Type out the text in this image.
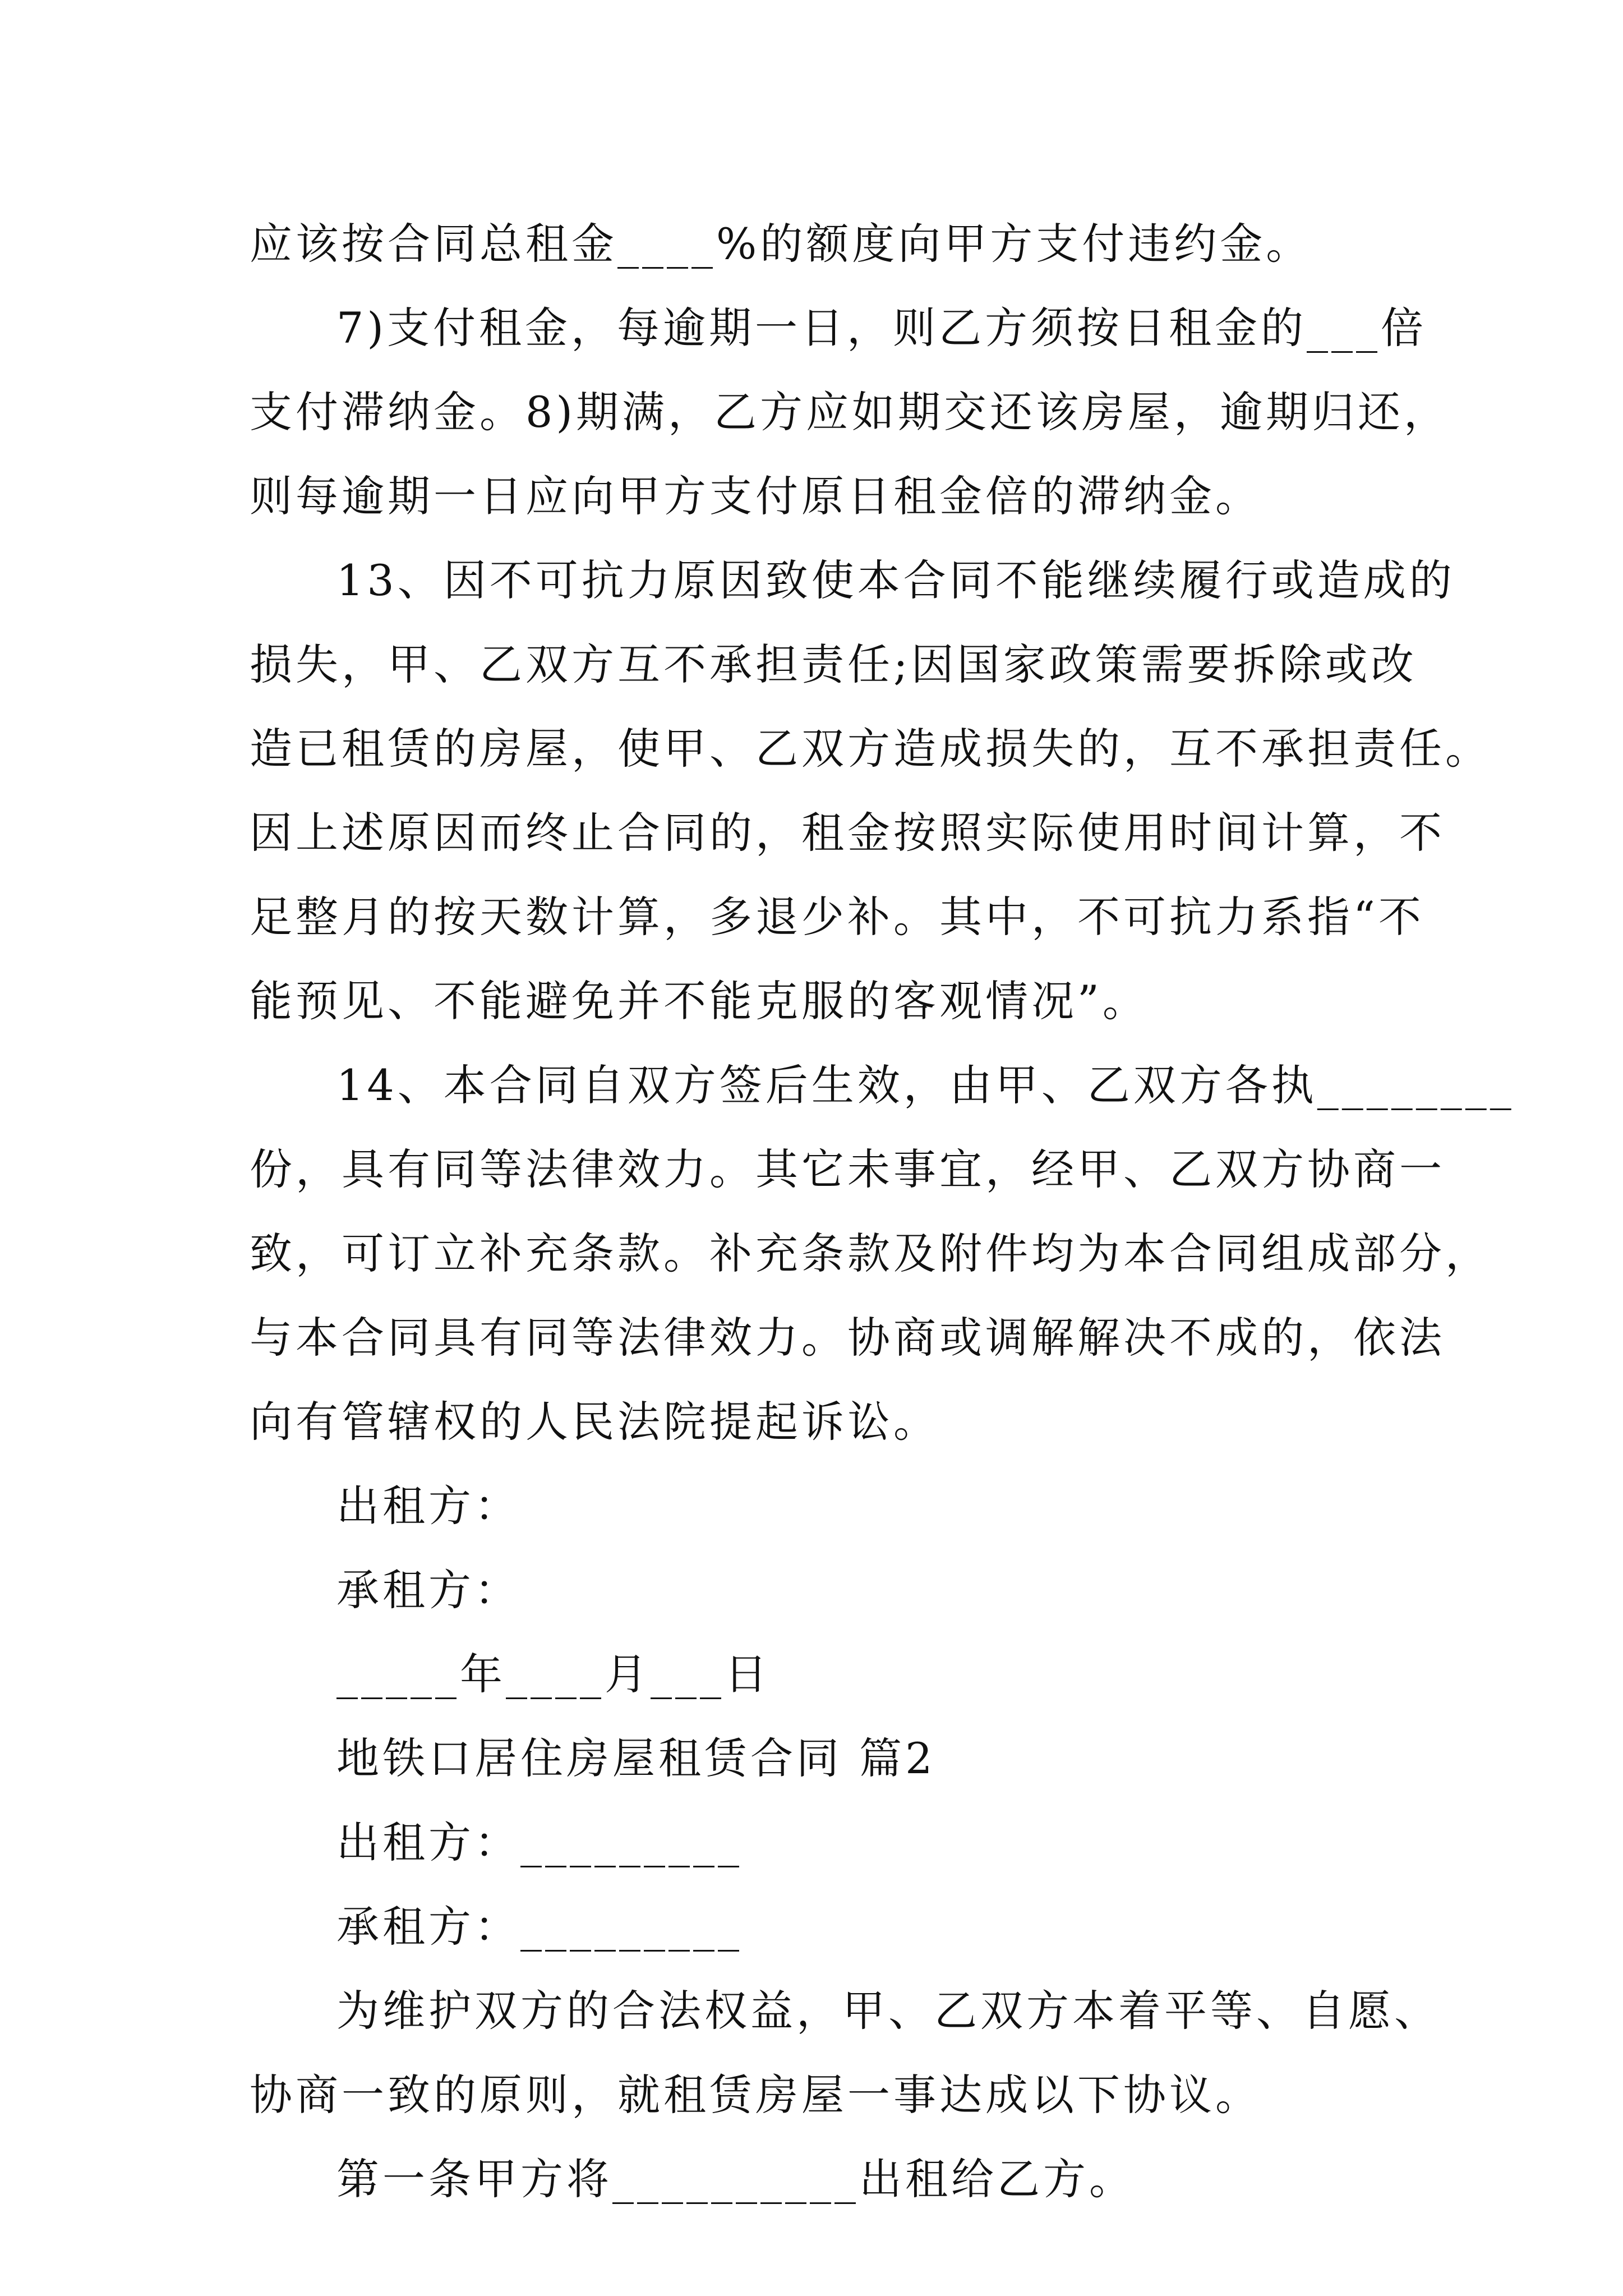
应该按合同总租金____%的额度向甲方支付违约金。

7)支付租金，每逾期一日，则乙方须按日租金的___倍

支付滞纳金。8)期满，乙方应如期交还该房屋，逾期归还，

则每逾期一日应向甲方支付原日租金倍的滞纳金。

13、因不可抗力原因致使本合同不能继续履行或造成的

损失，甲、乙双方互不承担责任;因国家政策需要拆除或改

造已租赁的房屋，使甲、乙双方造成损失的，互不承担责任。

因上述原因而终止合同的，租金按照实际使用时间计算，不

足整月的按天数计算，多退少补。其中，不可抗力系指“不

能预见、不能避免并不能克服的客观情况”。

14、本合同自双方签后生效，由甲、乙双方各执________

份，具有同等法律效力。其它未事宜，经甲、乙双方协商一

致，可订立补充条款。补充条款及附件均为本合同组成部分，

与本合同具有同等法律效力。协商或调解解决不成的，依法

向有管辖权的人民法院提起诉讼。

出租方：

承租方：

_____年____月___日

地铁口居住房屋租赁合同 篇2

出租方：_________

承租方：_________

为维护双方的合法权益，甲、乙双方本着平等、自愿、

协商一致的原则，就租赁房屋一事达成以下协议。

第一条甲方将__________出租给乙方。
